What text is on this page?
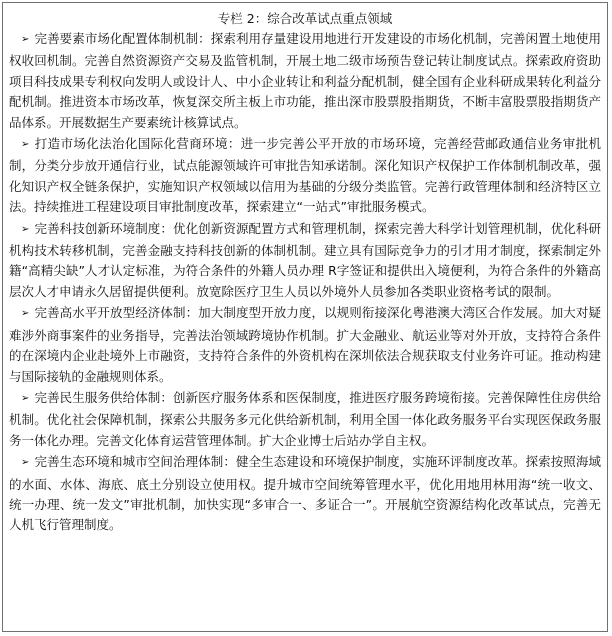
专栏 2：综合改革试点重点领域

➢ 完善要素市场化配置体制机制：探索利用存量建设用地进行开发建设的市场化机制，完善闲置土地使用权收回机制。完善自然资源资产交易及监管机制，开展土地二级市场预告登记转让制度试点。探索政府资助项目科技成果专利权向发明人或设计人、中小企业转让和利益分配机制，健全国有企业科研成果转化利益分配机制。推进资本市场改革，恢复深交所主板上市功能，推出深市股票股指期货，不断丰富股票股指期货产品体系。开展数据生产要素统计核算试点。

➢ 打造市场化法治化国际化营商环境：进一步完善公平开放的市场环境，完善经营邮政通信业务审批机制，分类分步放开通信行业，试点能源领域许可审批告知承诺制。深化知识产权保护工作体制机制改革，强化知识产权全链条保护，实施知识产权领域以信用为基础的分级分类监管。完善行政管理体制和经济特区立法。持续推进工程建设项目审批制度改革，探索建立“一站式”审批服务模式。

➢ 完善科技创新环境制度：优化创新资源配置方式和管理机制，探索完善大科学计划管理机制，优化科研机构技术转移机制，完善金融支持科技创新的体制机制。建立具有国际竞争力的引才用才制度，探索制定外籍“高精尖缺”人才认定标准，为符合条件的外籍人员办理 R字签证和提供出入境便利，为符合条件的外籍高层次人才申请永久居留提供便利。放宽除医疗卫生人员以外境外人员参加各类职业资格考试的限制。

➢ 完善高水平开放型经济体制：加大制度型开放力度，以规则衔接深化粤港澳大湾区合作发展。加大对疑难涉外商事案件的业务指导，完善法治领域跨境协作机制。扩大金融业、航运业等对外开放，支持符合条件的在深境内企业赴境外上市融资，支持符合条件的外资机构在深圳依法合规获取支付业务许可证。推动构建与国际接轨的金融规则体系。

➢ 完善民生服务供给体制：创新医疗服务体系和医保制度，推进医疗服务跨境衔接。完善保障性住房供给机制。优化社会保障机制，探索公共服务多元化供给新机制，利用全国一体化政务服务平台实现医保政务服务一体化办理。完善文化体育运营管理体制。扩大企业博士后站办学自主权。

➢ 完善生态环境和城市空间治理体制：健全生态建设和环境保护制度，实施环评制度改革。探索按照海域的水面、水体、海底、底土分别设立使用权。提升城市空间统筹管理水平，优化用地用林用海“统一收文、统一办理、统一发文”审批机制，加快实现“多审合一、多证合一”。开展航空资源结构化改革试点，完善无人机飞行管理制度。
